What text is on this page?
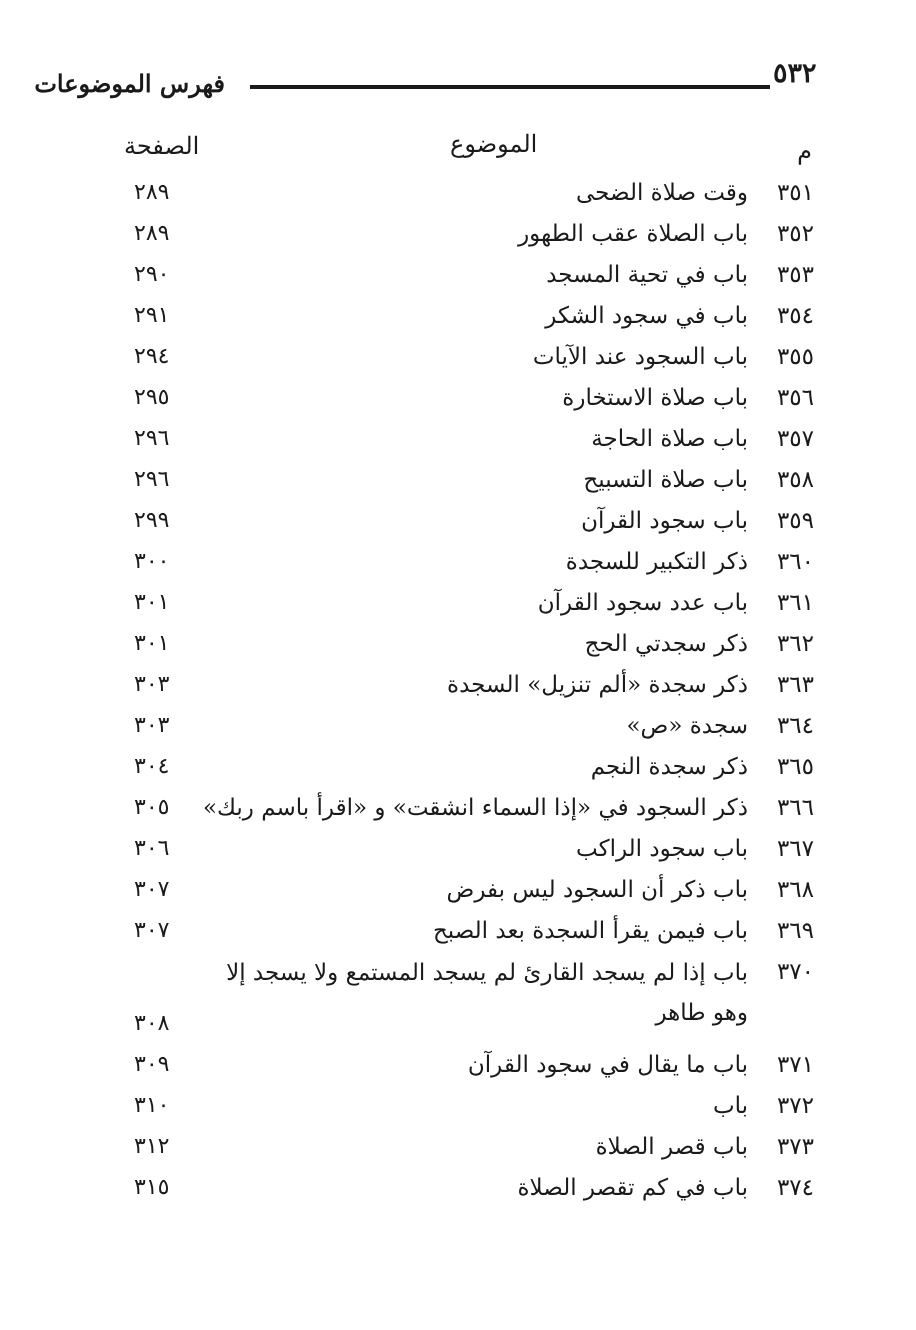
٥٣٢
فهرس الموضوعات
م
الموضوع
الصفحة
٣٥١
وقت صلاة الضحى
٢٨٩
٣٥٢
باب الصلاة عقب الطهور
٢٨٩
٣٥٣
باب في تحية المسجد
٢٩٠
٣٥٤
باب في سجود الشكر
٢٩١
٣٥٥
باب السجود عند الآيات
٢٩٤
٣٥٦
باب صلاة الاستخارة
٢٩٥
٣٥٧
باب صلاة الحاجة
٢٩٦
٣٥٨
باب صلاة التسبيح
٢٩٦
٣٥٩
باب سجود القرآن
٢٩٩
٣٦٠
ذكر التكبير للسجدة
٣٠٠
٣٦١
باب عدد سجود القرآن
٣٠١
٣٦٢
ذكر سجدتي الحج
٣٠١
٣٦٣
ذكر سجدة «ألم تنزيل» السجدة
٣٠٣
٣٦٤
سجدة «ص»
٣٠٣
٣٦٥
ذكر سجدة النجم
٣٠٤
٣٦٦
ذكر السجود في «إذا السماء انشقت» و «اقرأ باسم ربك»
٣٠٥
٣٦٧
باب سجود الراكب
٣٠٦
٣٦٨
باب ذكر أن السجود ليس بفرض
٣٠٧
٣٦٩
باب فيمن يقرأ السجدة بعد الصبح
٣٠٧
٣٧٠
باب إذا لم يسجد القارئ لم يسجد المستمع ولا يسجد إلا وهو طاهر
٣٠٨
٣٧١
باب ما يقال في سجود القرآن
٣٠٩
٣٧٢
باب
٣١٠
٣٧٣
باب قصر الصلاة
٣١٢
٣٧٤
باب في كم تقصر الصلاة
٣١٥
